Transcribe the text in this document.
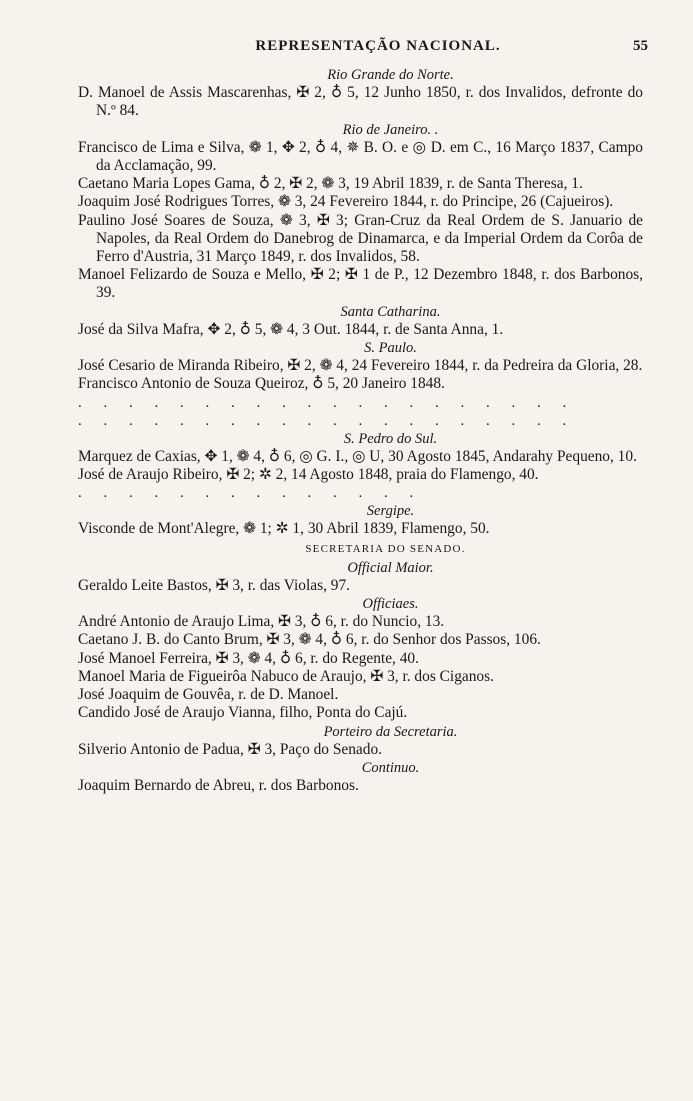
REPRESENTAÇÃO NACIONAL.	55
Rio Grande do Norte.
D. Manoel de Assis Mascarenhas, ✠ 2, ♁ 5, 12 Junho 1850, r. dos Invalidos, defronte do N.º 84.
Rio de Janeiro. .
Francisco de Lima e Silva, ❁ 1, ✥ 2, ♁ 4, ✵ B. O. e ◎ D. em C., 16 Março 1837, Campo da Acclamação, 99.
Caetano Maria Lopes Gama, ♁ 2, ✠ 2, ❁ 3, 19 Abril 1839, r. de Santa Theresa, 1.
Joaquim José Rodrigues Torres, ❁ 3, 24 Fevereiro 1844, r. do Principe, 26 (Cajueiros).
Paulino José Soares de Souza, ❁ 3, ✠ 3; Gran-Cruz da Real Ordem de S. Januario de Napoles, da Real Ordem do Danebrog de Dinamarca, e da Imperial Ordem da Corôa de Ferro d'Austria, 31 Março 1849, r. dos Invalidos, 58.
Manoel Felizardo de Souza e Mello, ✠ 2; ✠ 1 de P., 12 Dezembro 1848, r. dos Barbonos, 39.
Santa Catharina.
José da Silva Mafra, ✥ 2, ♁ 5, ❁ 4, 3 Out. 1844, r. de Santa Anna, 1.
S. Paulo.
José Cesario de Miranda Ribeiro, ✠ 2, ❁ 4, 24 Fevereiro 1844, r. da Pedreira da Gloria, 28.
Francisco Antonio de Souza Queiroz, ♁ 5, 20 Janeiro 1848.
. . . . . . . . . . . . . . . . . . . .
. . . . . . . . . . . . . . . . . . . .
S. Pedro do Sul.
Marquez de Caxias, ✥ 1, ❁ 4, ♁ 6, ◎ G. I., ◎ U, 30 Agosto 1845, Andarahy Pequeno, 10.
José de Araujo Ribeiro, ✠ 2; ✲ 2, 14 Agosto 1848, praia do Flamengo, 40.
. . . . . . . . . . . . . .
Sergipe.
Visconde de Mont'Alegre, ❁ 1; ✲ 1, 30 Abril 1839, Flamengo, 50.
SECRETARIA DO SENADO.
Official Maior.
Geraldo Leite Bastos, ✠ 3, r. das Violas, 97.
Officiaes.
André Antonio de Araujo Lima, ✠ 3, ♁ 6, r. do Nuncio, 13.
Caetano J. B. do Canto Brum, ✠ 3, ❁ 4, ♁ 6, r. do Senhor dos Passos, 106.
José Manoel Ferreira, ✠ 3, ❁ 4, ♁ 6, r. do Regente, 40.
Manoel Maria de Figueirôa Nabuco de Araujo, ✠ 3, r. dos Ciganos.
José Joaquim de Gouvêa, r. de D. Manoel.
Candido José de Araujo Vianna, filho, Ponta do Cajú.
Porteiro da Secretaria.
Silverio Antonio de Padua, ✠ 3, Paço do Senado.
Continuo.
Joaquim Bernardo de Abreu, r. dos Barbonos.
